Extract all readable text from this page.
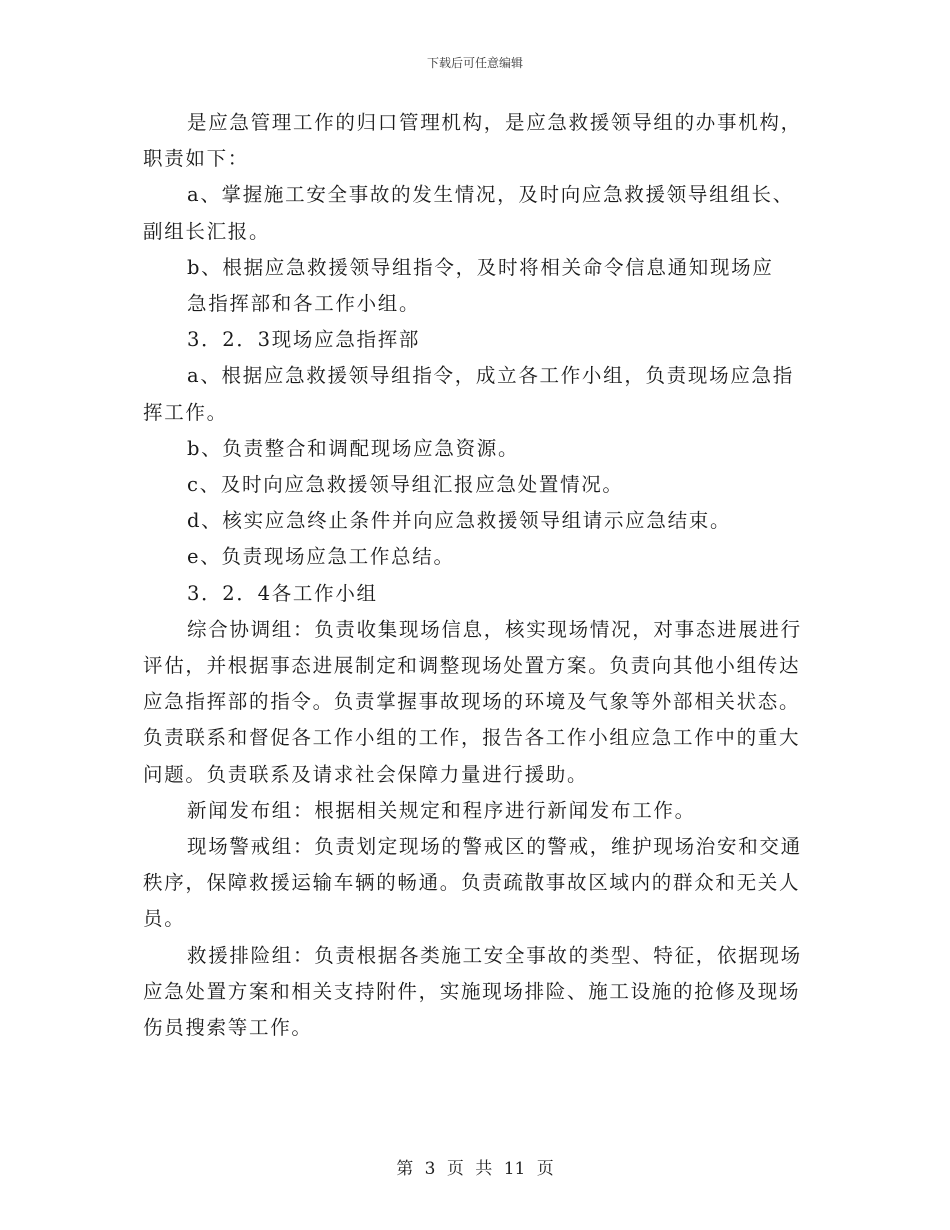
下载后可任意编辑

是应急管理工作的归口管理机构，是应急救援领导组的办事机构，职责如下：

a、掌握施工安全事故的发生情况，及时向应急救援领导组组长、副组长汇报。

b、根据应急救援领导组指令，及时将相关命令信息通知现场应

急指挥部和各工作小组。

3．2．3现场应急指挥部

a、根据应急救援领导组指令，成立各工作小组，负责现场应急指挥工作。

b、负责整合和调配现场应急资源。

c、及时向应急救援领导组汇报应急处置情况。

d、核实应急终止条件并向应急救援领导组请示应急结束。

e、负责现场应急工作总结。

3．2．4各工作小组

综合协调组：负责收集现场信息，核实现场情况，对事态进展进行评估，并根据事态进展制定和调整现场处置方案。负责向其他小组传达应急指挥部的指令。负责掌握事故现场的环境及气象等外部相关状态。负责联系和督促各工作小组的工作，报告各工作小组应急工作中的重大问题。负责联系及请求社会保障力量进行援助。

新闻发布组：根据相关规定和程序进行新闻发布工作。

现场警戒组：负责划定现场的警戒区的警戒，维护现场治安和交通秩序，保障救援运输车辆的畅通。负责疏散事故区域内的群众和无关人员。

救援排险组：负责根据各类施工安全事故的类型、特征，依据现场应急处置方案和相关支持附件，实施现场排险、施工设施的抢修及现场伤员搜索等工作。

第 3 页 共 11 页
